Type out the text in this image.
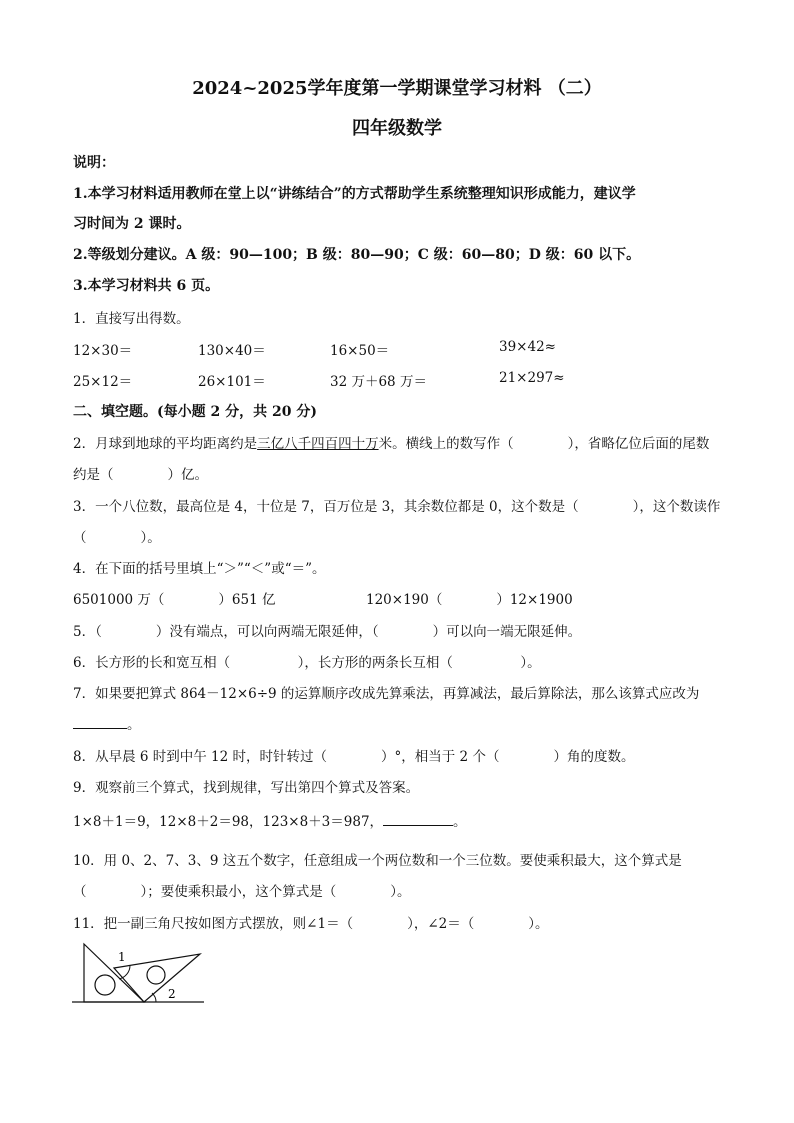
2024~2025学年度第一学期课堂学习材料 （二）
四年级数学
说明：
1.本学习材料适用教师在堂上以“讲练结合”的方式帮助学生系统整理知识形成能力，建议学
习时间为 2 课时。
2.等级划分建议。A 级：90—100；B 级：80—90；C 级：60—80；D 级：60 以下。
3.本学习材料共 6 页。
1．直接写出得数。
12×30＝	130×40＝	16×50＝	39×42≈
25×12＝	26×101＝	32 万＋68 万＝	21×297≈
二、填空题。(每小题 2 分，共 20 分)
2．月球到地球的平均距离约是三亿八千四百四十万米。横线上的数写作（　　　　），省略亿位后面的尾数
约是（　　　　）亿。
3．一个八位数，最高位是 4，十位是 7，百万位是 3，其余数位都是 0，这个数是（　　　　），这个数读作
（　　　　）。
4．在下面的括号里填上“＞”“＜”或“＝”。
6501000 万（　　　　）651 亿	120×190（　　　　）12×1900
5．（　　　　）没有端点，可以向两端无限延伸，（　　　　）可以向一端无限延伸。
6．长方形的长和宽互相（　　　　　），长方形的两条长互相（　　　　　）。
7．如果要把算式 864－12×6÷9 的运算顺序改成先算乘法，再算减法，最后算除法，那么该算式应改为
。
8．从早晨 6 时到中午 12 时，时针转过（　　　　）°，相当于 2 个（　　　　）角的度数。
9．观察前三个算式，找到规律，写出第四个算式及答案。
1×8＋1＝9，12×8＋2＝98，123×8＋3＝987，	。
10．用 0、2、7、3、9 这五个数字，任意组成一个两位数和一个三位数。要使乘积最大，这个算式是
（　　　　）；要使乘积最小，这个算式是（　　　　）。
11．把一副三角尺按如图方式摆放，则∠1＝（　　　　），∠2＝（　　　　）。
1
2
